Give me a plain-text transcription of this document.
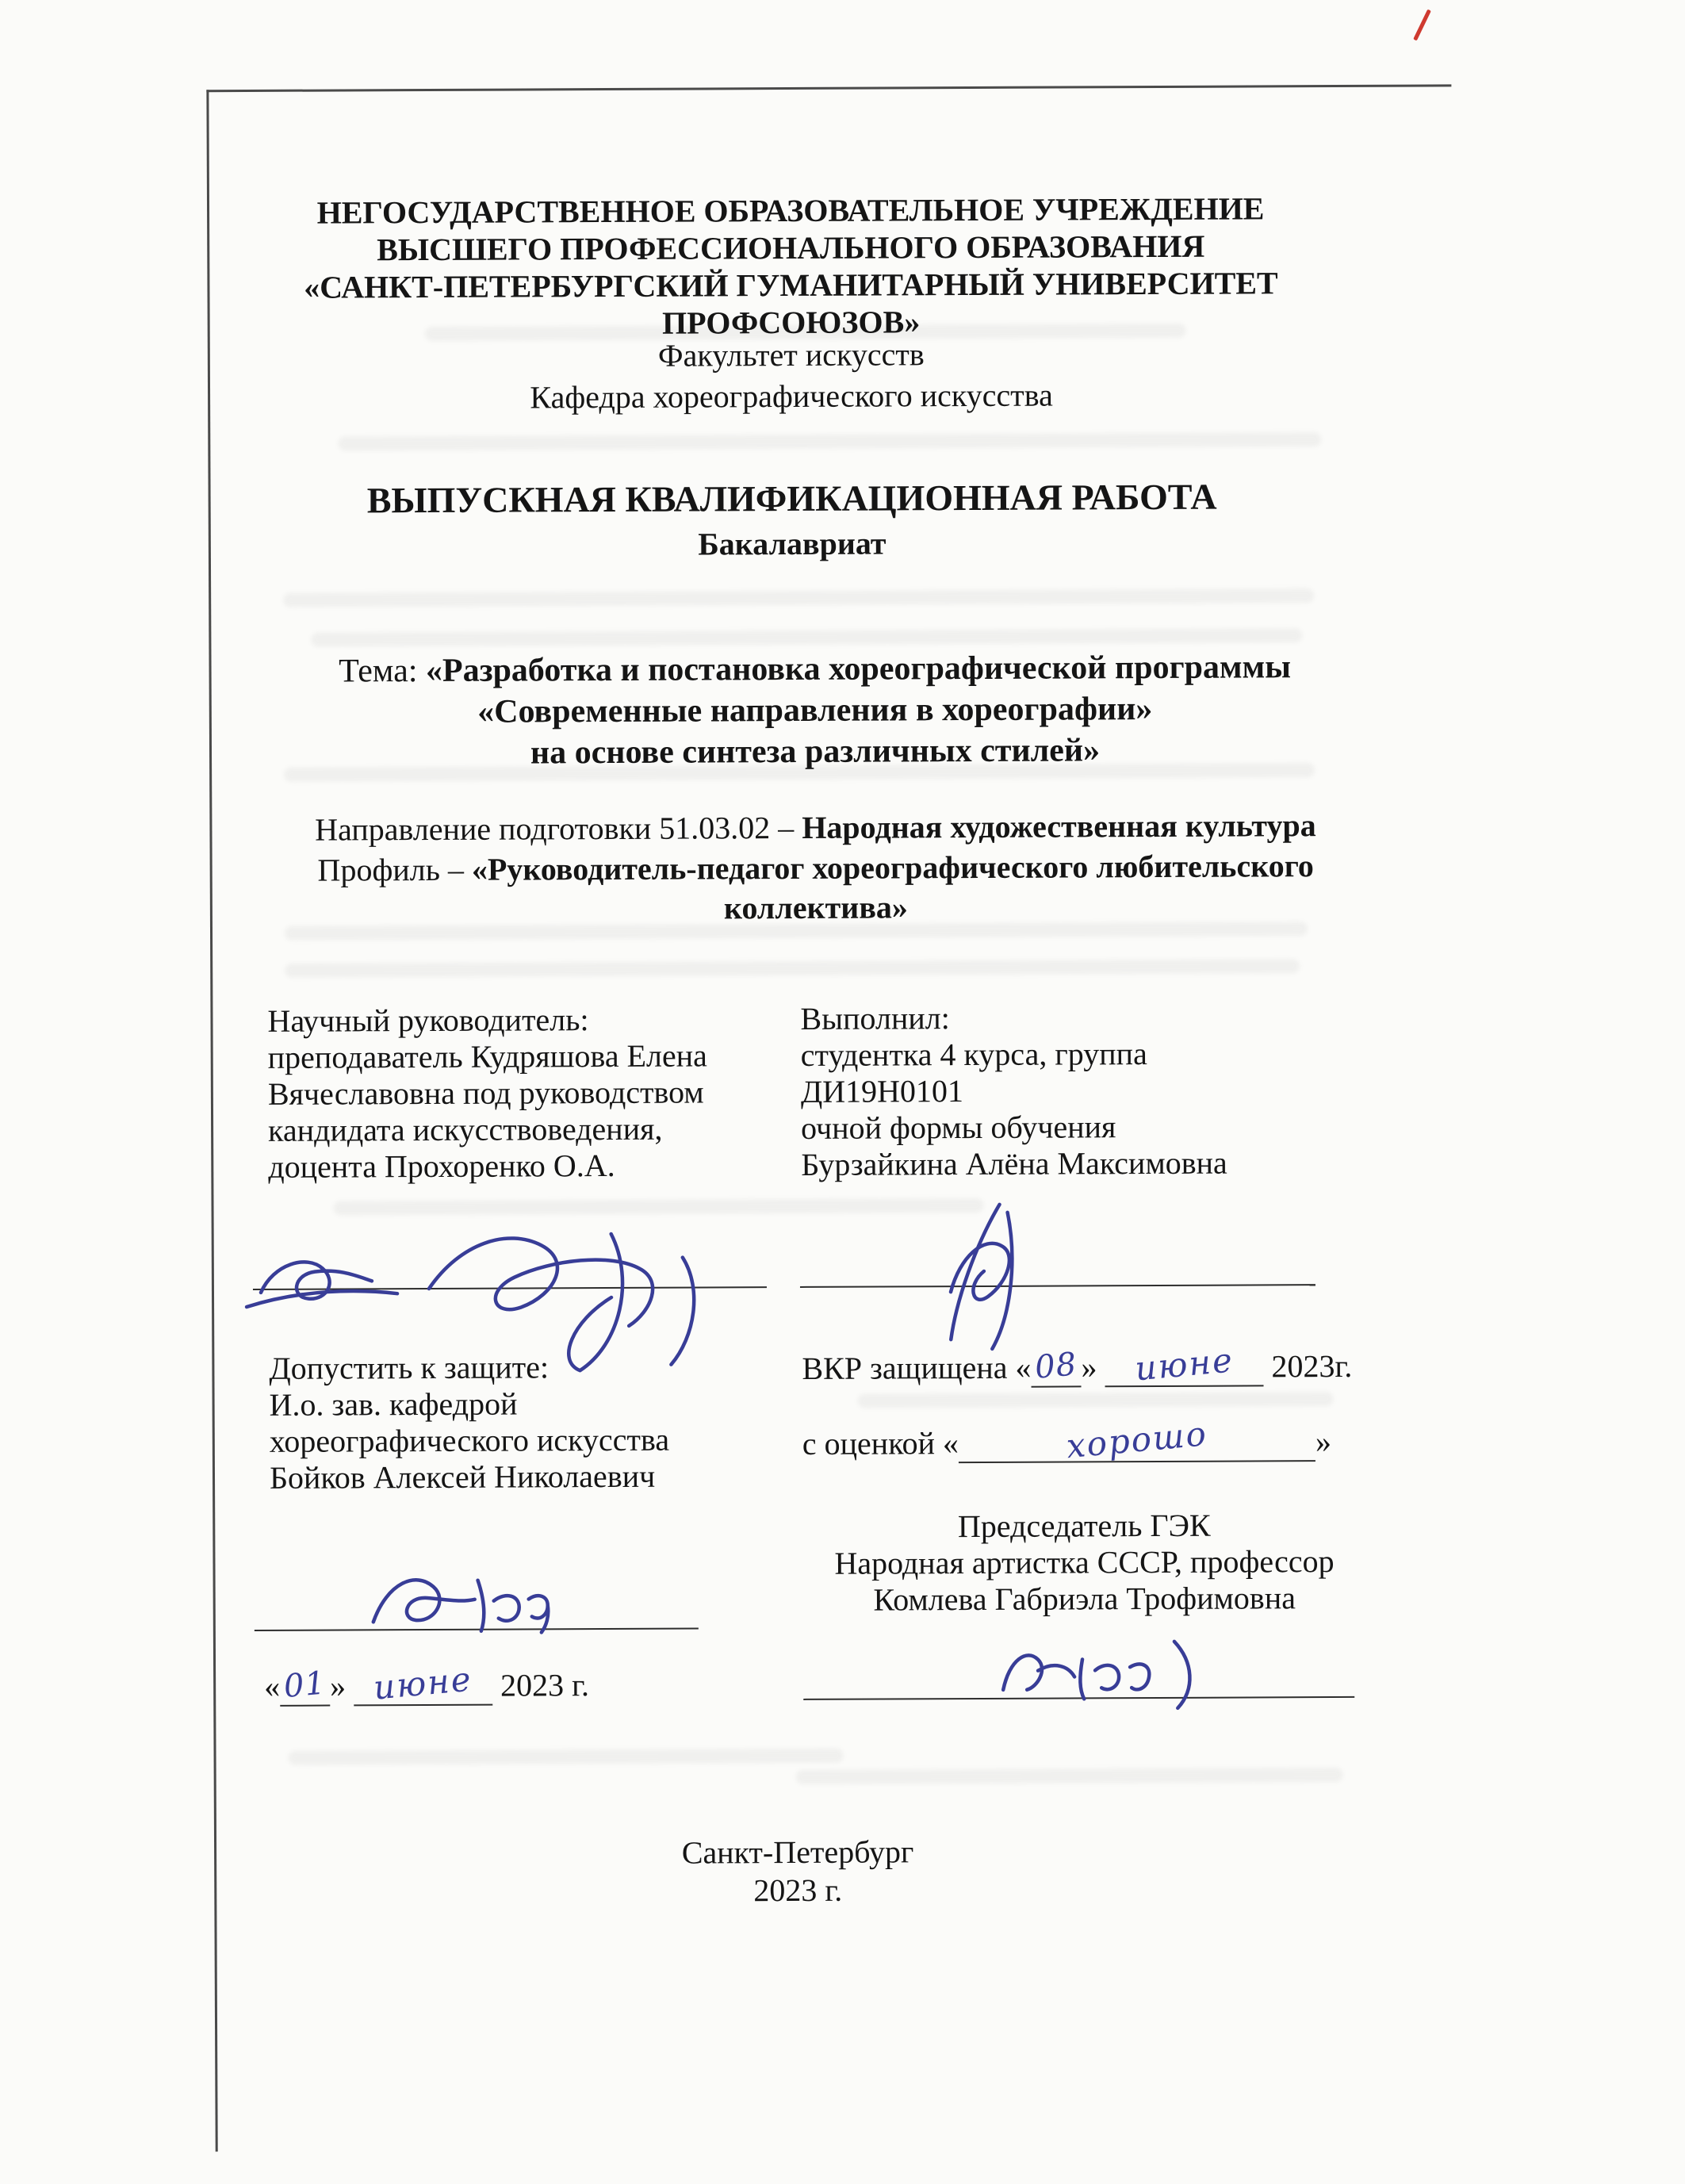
НЕГОСУДАРСТВЕННОЕ ОБРАЗОВАТЕЛЬНОЕ УЧРЕЖДЕНИЕ
ВЫСШЕГО ПРОФЕССИОНАЛЬНОГО ОБРАЗОВАНИЯ
«САНКТ-ПЕТЕРБУРГСКИЙ ГУМАНИТАРНЫЙ УНИВЕРСИТЕТ ПРОФСОЮЗОВ»
Факультет искусств
Кафедра хореографического искусства
ВЫПУСКНАЯ КВАЛИФИКАЦИОННАЯ РАБОТА
Бакалавриат
Тема: «Разработка и постановка хореографической программы
«Современные направления в хореографии»
на основе синтеза различных стилей»
Направление подготовки 51.03.02 – Народная художественная культура
Профиль – «Руководитель-педагог хореографического любительского
коллектива»
Научный руководитель:
преподаватель Кудряшова Елена
Вячеславовна под руководством
кандидата искусствоведения,
доцента Прохоренко О.А.
Выполнил:
студентка 4 курса, группа
ДИ19Н0101
очной формы обучения
Бурзайкина Алёна Максимовна
Допустить к защите:
И.о. зав. кафедрой
хореографического искусства
Бойков Алексей Николаевич
ВКР защищена «08» июне 2023г.
с оценкой «	хорошо	»
Председатель ГЭК
Народная артистка СССР, профессор
Комлева Габриэла Трофимовна
«01» июне 2023 г.
Санкт-Петербург
2023 г.
